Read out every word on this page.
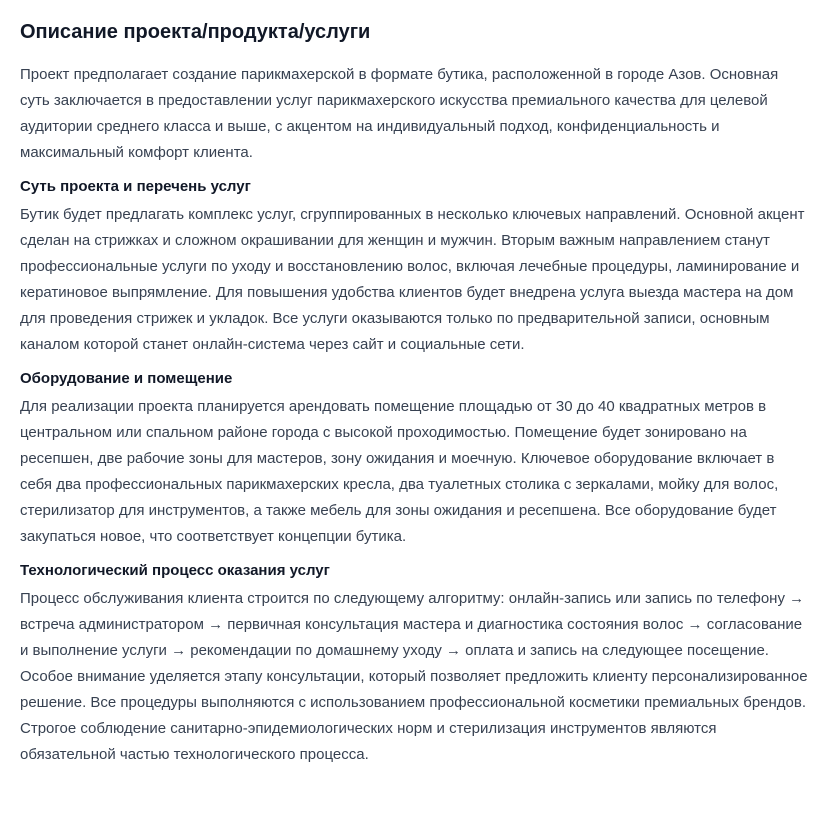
Описание проекта/продукта/услуги

Проект предполагает создание парикмахерской в формате бутика, расположенной в городе Азов. Основная суть заключается в предоставлении услуг парикмахерского искусства премиального качества для целевой аудитории среднего класса и выше, с акцентом на индивидуальный подход, конфиденциальность и максимальный комфорт клиента.

Суть проекта и перечень услуг

Бутик будет предлагать комплекс услуг, сгруппированных в несколько ключевых направлений. Основной акцент сделан на стрижках и сложном окрашивании для женщин и мужчин. Вторым важным направлением станут профессиональные услуги по уходу и восстановлению волос, включая лечебные процедуры, ламинирование и кератиновое выпрямление. Для повышения удобства клиентов будет внедрена услуга выезда мастера на дом для проведения стрижек и укладок. Все услуги оказываются только по предварительной записи, основным каналом которой станет онлайн-система через сайт и социальные сети.

Оборудование и помещение

Для реализации проекта планируется арендовать помещение площадью от 30 до 40 квадратных метров в центральном или спальном районе города с высокой проходимостью. Помещение будет зонировано на ресепшен, две рабочие зоны для мастеров, зону ожидания и моечную. Ключевое оборудование включает в себя два профессиональных парикмахерских кресла, два туалетных столика с зеркалами, мойку для волос, стерилизатор для инструментов, а также мебель для зоны ожидания и ресепшена. Все оборудование будет закупаться новое, что соответствует концепции бутика.

Технологический процесс оказания услуг

Процесс обслуживания клиента строится по следующему алгоритму: онлайн-запись или запись по телефону → встреча администратором → первичная консультация мастера и диагностика состояния волос → согласование и выполнение услуги → рекомендации по домашнему уходу → оплата и запись на следующее посещение. Особое внимание уделяется этапу консультации, который позволяет предложить клиенту персонализированное решение. Все процедуры выполняются с использованием профессиональной косметики премиальных брендов. Строгое соблюдение санитарно-эпидемиологических норм и стерилизация инструментов являются обязательной частью технологического процесса.
